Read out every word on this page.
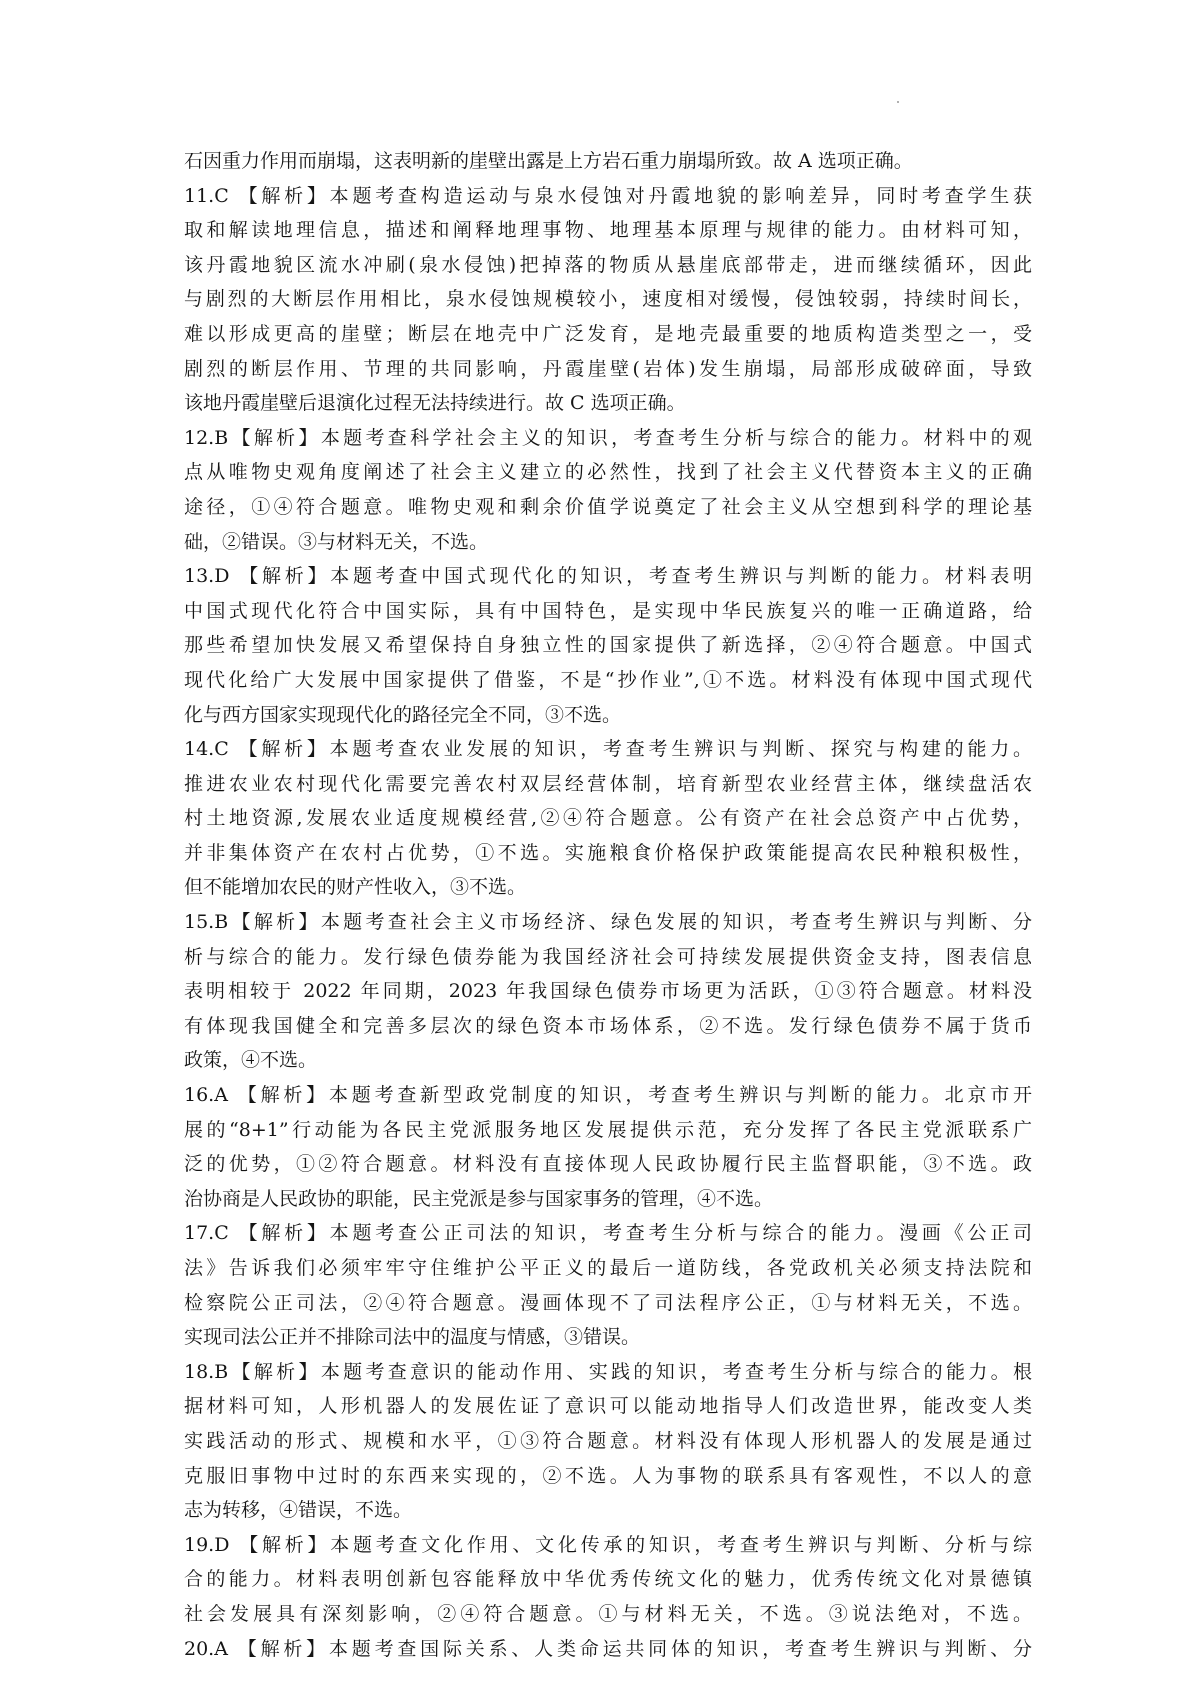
石因重力作用而崩塌，这表明新的崖壁出露是上方岩石重力崩塌所致。故 A 选项正确。
11.C 【解析】本题考查构造运动与泉水侵蚀对丹霞地貌的影响差异，同时考查学生获
取和解读地理信息，描述和阐释地理事物、地理基本原理与规律的能力。由材料可知，
该丹霞地貌区流水冲刷(泉水侵蚀)把掉落的物质从悬崖底部带走，进而继续循环，因此
与剧烈的大断层作用相比，泉水侵蚀规模较小，速度相对缓慢，侵蚀较弱，持续时间长，
难以形成更高的崖壁；断层在地壳中广泛发育，是地壳最重要的地质构造类型之一，受
剧烈的断层作用、节理的共同影响，丹霞崖壁(岩体)发生崩塌，局部形成破碎面，导致
该地丹霞崖壁后退演化过程无法持续进行。故 C 选项正确。
12.B【解析】本题考查科学社会主义的知识，考查考生分析与综合的能力。材料中的观
点从唯物史观角度阐述了社会主义建立的必然性，找到了社会主义代替资本主义的正确
途径，①④符合题意。唯物史观和剩余价值学说奠定了社会主义从空想到科学的理论基
础，②错误。③与材料无关，不选。
13.D 【解析】本题考查中国式现代化的知识，考查考生辨识与判断的能力。材料表明
中国式现代化符合中国实际，具有中国特色，是实现中华民族复兴的唯一正确道路，给
那些希望加快发展又希望保持自身独立性的国家提供了新选择，②④符合题意。中国式
现代化给广大发展中国家提供了借鉴，不是“抄作业”,①不选。材料没有体现中国式现代
化与西方国家实现现代化的路径完全不同，③不选。
14.C 【解析】本题考查农业发展的知识，考查考生辨识与判断、探究与构建的能力。
推进农业农村现代化需要完善农村双层经营体制，培育新型农业经营主体，继续盘活农
村土地资源,发展农业适度规模经营,②④符合题意。公有资产在社会总资产中占优势，
并非集体资产在农村占优势，①不选。实施粮食价格保护政策能提高农民种粮积极性，
但不能增加农民的财产性收入，③不选。
15.B【解析】本题考查社会主义市场经济、绿色发展的知识，考查考生辨识与判断、分
析与综合的能力。发行绿色债券能为我国经济社会可持续发展提供资金支持，图表信息
表明相较于 2022 年同期，2023 年我国绿色债券市场更为活跃，①③符合题意。材料没
有体现我国健全和完善多层次的绿色资本市场体系，②不选。发行绿色债券不属于货币
政策，④不选。
16.A 【解析】本题考查新型政党制度的知识，考查考生辨识与判断的能力。北京市开
展的“8+1”行动能为各民主党派服务地区发展提供示范，充分发挥了各民主党派联系广
泛的优势，①②符合题意。材料没有直接体现人民政协履行民主监督职能，③不选。政
治协商是人民政协的职能，民主党派是参与国家事务的管理，④不选。
17.C 【解析】本题考查公正司法的知识，考查考生分析与综合的能力。漫画《公正司
法》告诉我们必须牢牢守住维护公平正义的最后一道防线，各党政机关必须支持法院和
检察院公正司法，②④符合题意。漫画体现不了司法程序公正，①与材料无关，不选。
实现司法公正并不排除司法中的温度与情感，③错误。
18.B【解析】本题考查意识的能动作用、实践的知识，考查考生分析与综合的能力。根
据材料可知，人形机器人的发展佐证了意识可以能动地指导人们改造世界，能改变人类
实践活动的形式、规模和水平，①③符合题意。材料没有体现人形机器人的发展是通过
克服旧事物中过时的东西来实现的，②不选。人为事物的联系具有客观性，不以人的意
志为转移，④错误，不选。
19.D 【解析】本题考查文化作用、文化传承的知识，考查考生辨识与判断、分析与综
合的能力。材料表明创新包容能释放中华优秀传统文化的魅力，优秀传统文化对景德镇
社会发展具有深刻影响，②④符合题意。①与材料无关，不选。③说法绝对，不选。
20.A 【解析】本题考查国际关系、人类命运共同体的知识，考查考生辨识与判断、分
